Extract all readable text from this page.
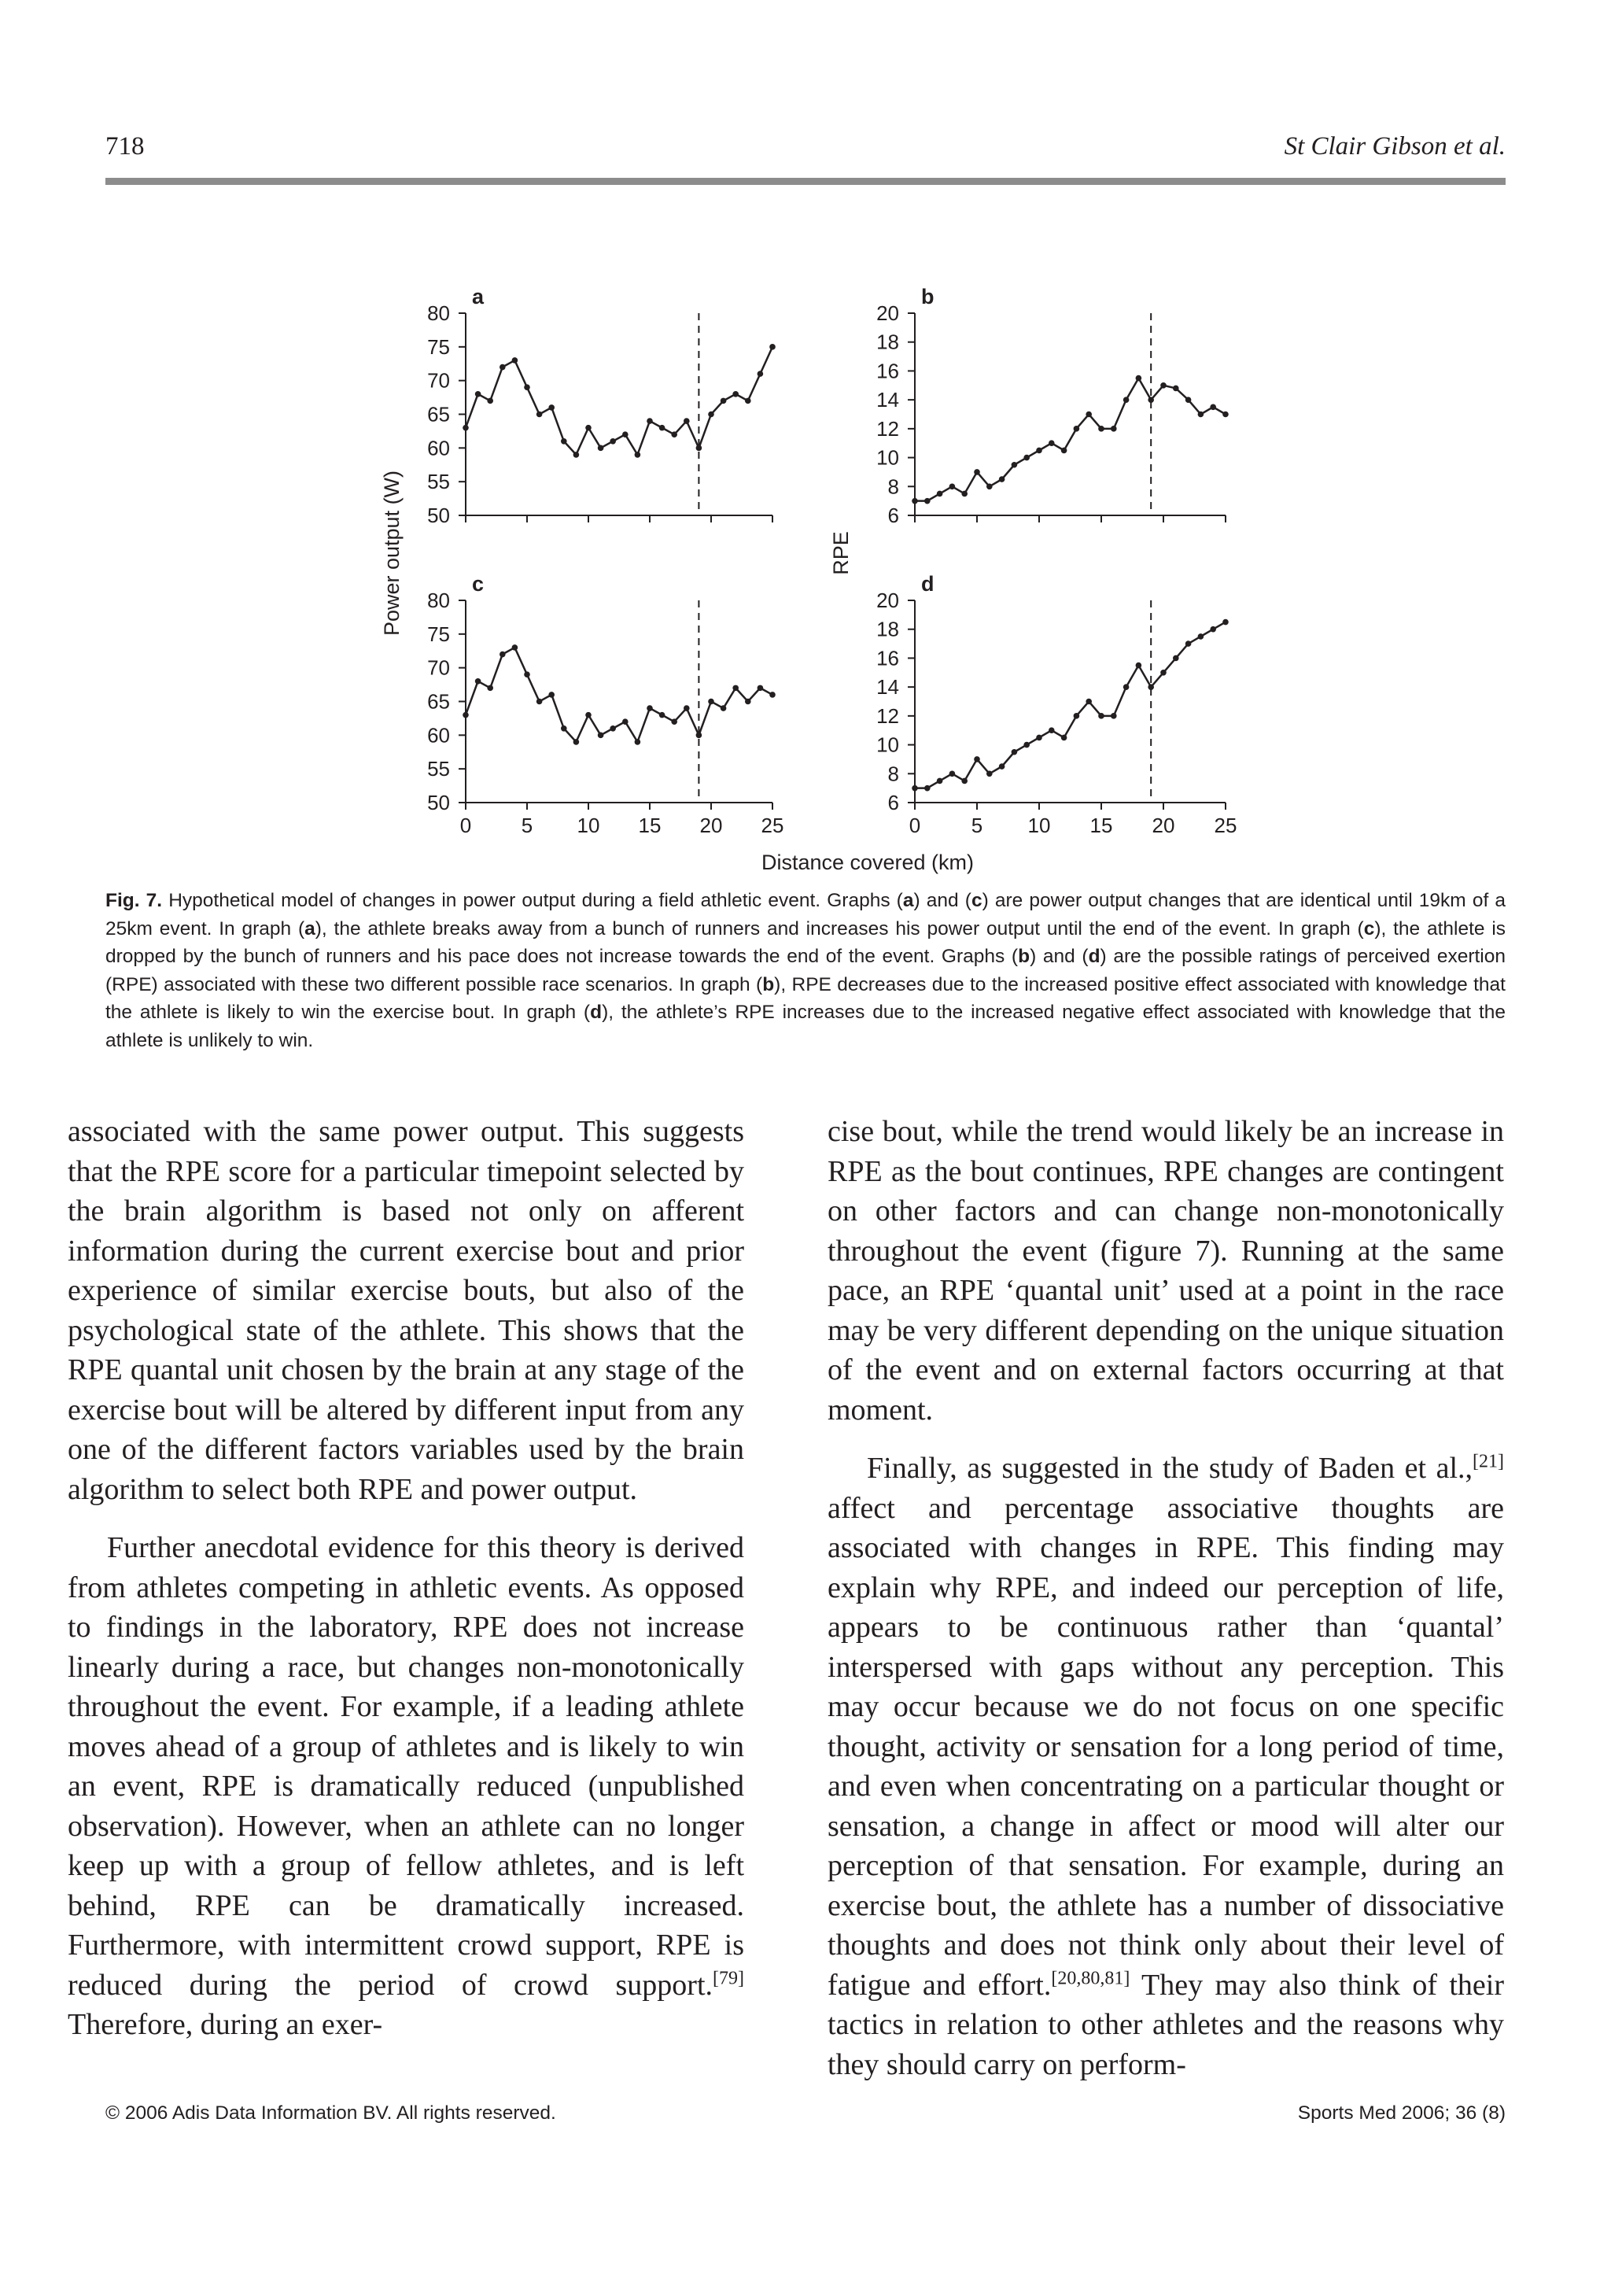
718	St Clair Gibson et al.
Power output (W)	RPE
Distance covered (km)
50
55
60
65
70
75
80
a
6
8
10
12
14
16
18
20
b
50
55
60
65
70
75
80
0 5 10 15 20 25
c
6
8
10
12
14
16
18
20
0 5 10 15 20 25
d
Fig. 7. Hypothetical model of changes in power output during a field athletic event. Graphs (a) and (c) are power output changes that are identical until 19km of a 25km event. In graph (a), the athlete breaks away from a bunch of runners and increases his power output until the end of the event. In graph (c), the athlete is dropped by the bunch of runners and his pace does not increase towards the end of the event. Graphs (b) and (d) are the possible ratings of perceived exertion (RPE) associated with these two different possible race scenarios. In graph (b), RPE decreases due to the increased positive effect associated with knowledge that the athlete is likely to win the exercise bout. In graph (d), the athlete’s RPE increases due to the increased negative effect associated with knowledge that the athlete is unlikely to win.

associated with the same power output. This suggests that the RPE score for a particular timepoint selected by the brain algorithm is based not only on afferent information during the current exercise bout and prior experience of similar exercise bouts, but also of the psychological state of the athlete. This shows that the RPE quantal unit chosen by the brain at any stage of the exercise bout will be altered by different input from any one of the different factors variables used by the brain algorithm to select both RPE and power output.

Further anecdotal evidence for this theory is derived from athletes competing in athletic events. As opposed to findings in the laboratory, RPE does not increase linearly during a race, but changes non-monotonically throughout the event. For example, if a leading athlete moves ahead of a group of athletes and is likely to win an event, RPE is dramatically reduced (unpublished observation). However, when an athlete can no longer keep up with a group of fellow athletes, and is left behind, RPE can be dramatically increased. Furthermore, with intermittent crowd support, RPE is reduced during the period of crowd support.[79] Therefore, during an exer-

cise bout, while the trend would likely be an increase in RPE as the bout continues, RPE changes are contingent on other factors and can change non-monotonically throughout the event (figure 7). Running at the same pace, an RPE ‘quantal unit’ used at a point in the race may be very different depending on the unique situation of the event and on external factors occurring at that moment.

Finally, as suggested in the study of Baden et al.,[21] affect and percentage associative thoughts are associated with changes in RPE. This finding may explain why RPE, and indeed our perception of life, appears to be continuous rather than ‘quantal’ interspersed with gaps without any perception. This may occur because we do not focus on one specific thought, activity or sensation for a long period of time, and even when concentrating on a particular thought or sensation, a change in affect or mood will alter our perception of that sensation. For example, during an exercise bout, the athlete has a number of dissociative thoughts and does not think only about their level of fatigue and effort.[20,80,81] They may also think of their tactics in relation to other athletes and the reasons why they should carry on perform-

© 2006 Adis Data Information BV. All rights reserved.	Sports Med 2006; 36 (8)
